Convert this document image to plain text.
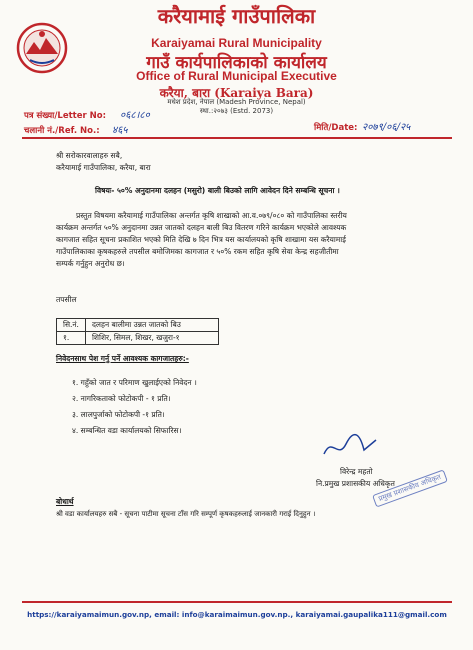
करैयामाई गाउँपालिका
Karaiyamai Rural Municipality
गाउँ कार्यपालिकाको कार्यालय
Office of Rural Municipal Executive
करैया, बारा (Karaiya Bara)
मधेश प्रदेश, नेपाल (Madesh Province, Nepal)
स्था.:२०७३ (Estd. 2073)
पत्र संख्या/Letter No: ०६८।८०
चलानी नं./Ref. No.: ४६५	मिति/Date: २०७९/०६/२५
श्री सरोकारवालाहरु सबै,
करैयामाई गाउँपालिका, करैया, बारा
विषयः- ५०% अनुदानमा दलहन (मसुरो) बाली बिउको लागि आवेदन दिने सम्बन्धि सूचना ।
प्रस्तुत विषयमा करैयामाई गाउँपालिका अन्तर्गत कृषि शाखाको आ.व.०७९/०८० को गाउँपालिका स्तरीय
कार्यक्रम अन्तर्गत ५०% अनुदानमा उन्नत जातको दलहन बाली बिउ वितरण गरिने कार्यक्रम भएकोले आवश्यक
कागजात सहित सूचना प्रकाशित भएको मिति देखि ७ दिन भित्र यस कार्यालयको कृषि शाखामा यस करैयामाई
गाउँपालिकाका कृषकहरुले तपसील बमोजिमका कागजात र ५०% रकम सहित कृषि सेवा केन्द्र सहजीतीमा
सम्पर्क गर्नुहुन अनुरोध छ।
तपसील
सि.नं.	दलहन बालीमा उन्नत जातको बिउ
१.	शिशिर, सिमल, शिखर, खजुरा-१
निवेदनसाथ पेश गर्नु पर्ने आवश्यक कागजातहरु:-
१. गहुँको जात र परिमाण खुलाईएको निवेदन ।
२. नागरिकताको फोटोकपी - १ प्रति।
३. लालपुर्जाको फोटोकपी -१ प्रति।
४. सम्बन्धित वडा कार्यालयको सिफारिस।
विरेन्द्र महतो
नि.प्रमुख प्रशासकीय अधिकृत
प्रमुख प्रशासकीय अधिकृत
बोधार्थ
श्री वडा कार्यालयहरु सबै - सूचना पाटीमा सूचना टाँस गरि सम्पूर्ण कृषकहरुलाई जानकारी गराई दिनुहुन ।
https://karaiyamaimun.gov.np, email: info@karaimaimun.gov.np., karaiyamai.gaupalika111@gmail.com
